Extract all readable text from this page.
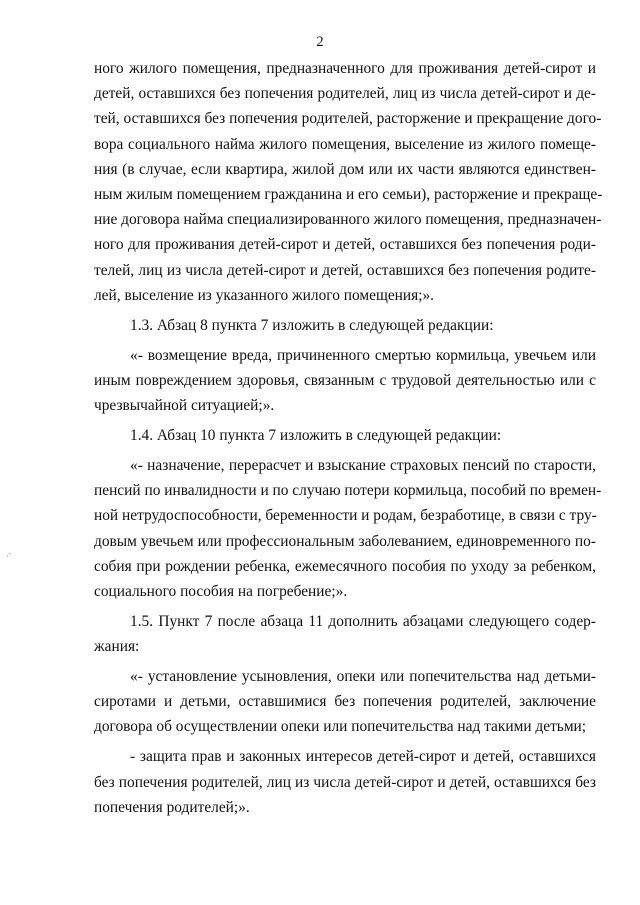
2
ного жилого помещения, предназначенного для проживания детей-сирот и
детей, оставшихся без попечения родителей, лиц из числа детей-сирот и де-
тей, оставшихся без попечения родителей, расторжение и прекращение дого-
вора социального найма жилого помещения, выселение из жилого помеще-
ния (в случае, если квартира, жилой дом или их части являются единствен-
ным жилым помещением гражданина и его семьи), расторжение и прекраще-
ние договора найма специализированного жилого помещения, предназначен-
ного для проживания детей-сирот и детей, оставшихся без попечения роди-
телей, лиц из числа детей-сирот и детей, оставшихся без попечения родите-
лей, выселение из указанного жилого помещения;».
1.3. Абзац 8 пункта 7 изложить в следующей редакции:
«- возмещение вреда, причиненного смертью кормильца, увечьем или
иным повреждением здоровья, связанным с трудовой деятельностью или с
чрезвычайной ситуацией;».
1.4. Абзац 10 пункта 7 изложить в следующей редакции:
«- назначение, перерасчет и взыскание страховых пенсий по старости,
пенсий по инвалидности и по случаю потери кормильца, пособий по времен-
ной нетрудоспособности, беременности и родам, безработице, в связи с тру-
довым увечьем или профессиональным заболеванием, единовременного по-
собия при рождении ребенка, ежемесячного пособия по уходу за ребенком,
социального пособия на погребение;».
1.5. Пункт 7 после абзаца 11 дополнить абзацами следующего содер-
жания:
«- установление усыновления, опеки или попечительства над детьми-
сиротами и детьми, оставшимися без попечения родителей, заключение
договора об осуществлении опеки или попечительства над такими детьми;
- защита прав и законных интересов детей-сирот и детей, оставшихся
без попечения родителей, лиц из числа детей-сирот и детей, оставшихся без
попечения родителей;».
,-
